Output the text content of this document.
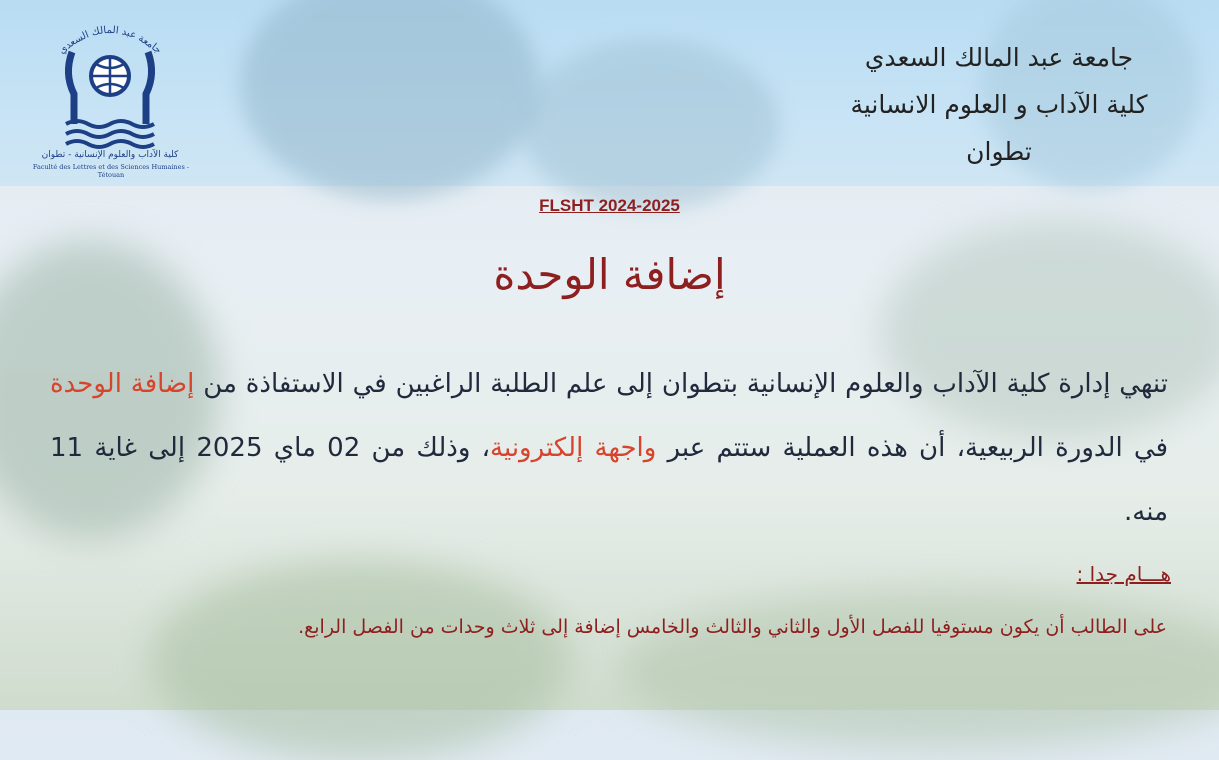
جامعة عبد المالك السعدي
كلية الآداب والعلوم الإنسانية - تطوان
Faculté des Lettres et des Sciences Humaines - Tétouan
جامعة عبد المالك السعدي
كلية الآداب و العلوم الانسانية
تطوان
FLSHT 2024-2025
إضافة الوحدة
تنهي إدارة كلية الآداب والعلوم الإنسانية بتطوان إلى علم الطلبة الراغبين في الاستفاذة من إضافة الوحدة في الدورة الربيعية، أن هذه العملية ستتم عبر واجهة إلكترونية، وذلك من 02 ماي 2025 إلى غاية 11 منه.
هـــام جدا :
على الطالب أن يكون مستوفيا للفصل الأول والثاني والثالث والخامس إضافة إلى ثلاث وحدات من الفصل الرابع.
